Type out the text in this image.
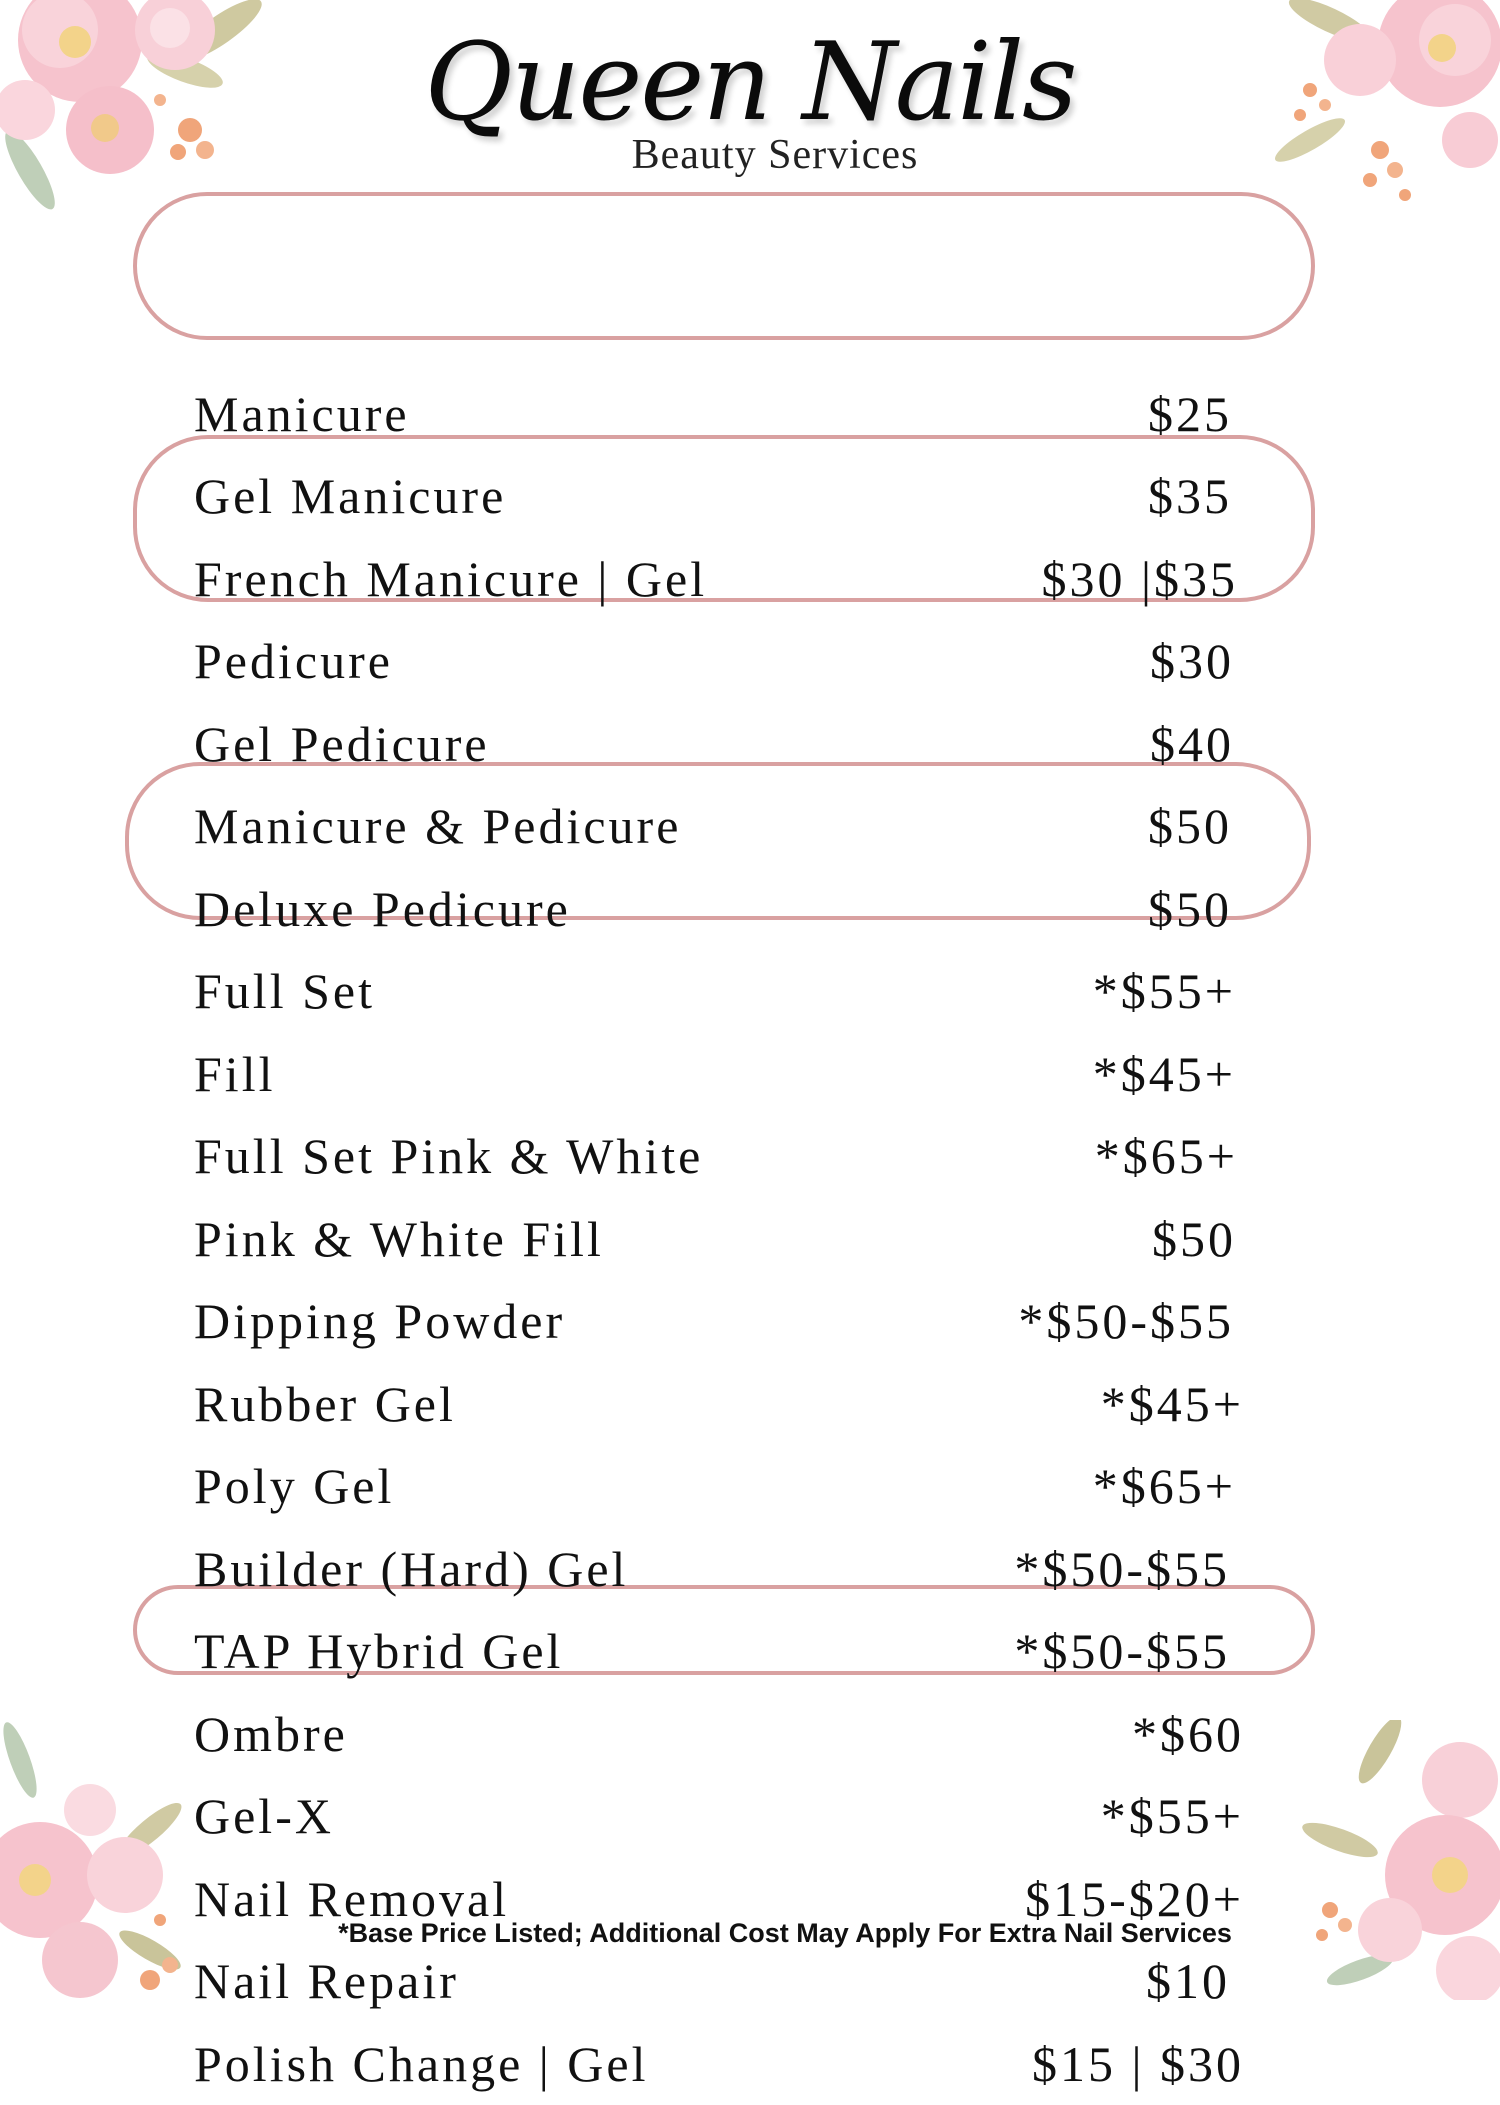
Queen Nails
Beauty Services
Manicure	$25
Gel Manicure	$35
French Manicure | Gel	$30 |$35
Pedicure	$30
Gel Pedicure	$40
Manicure & Pedicure	$50
Deluxe Pedicure	$50
Full Set	*$55+
Fill	*$45+
Full Set Pink & White	*$65+
Pink & White Fill	$50
Dipping Powder	*$50-$55
Rubber Gel	*$45+
Poly Gel	*$65+
Builder (Hard) Gel	*$50-$55
TAP Hybrid Gel	*$50-$55
Ombre	*$60
Gel-X	*$55+
Nail Removal	$15-$20+
Nail Repair	$10
Polish Change | Gel	$15 | $30
*Base Price Listed; Additional Cost May Apply For Extra Nail Services
